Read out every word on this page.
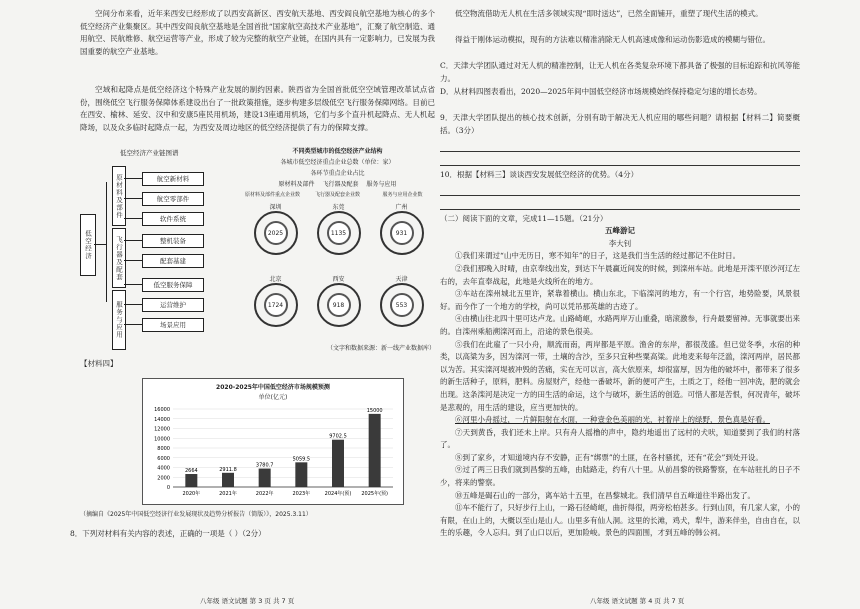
空间分布来看，近年来西安已经形成了以西安高新区、西安航天基地、西安阎良航空基地为核心的多个低空经济产业集聚区。其中西安阎良航空基地是全国首批“国家航空高技术产业基地”，汇聚了航空制造、通用航空、民航维修、航空运营等产业，形成了较为完整的航空产业链，在国内具有一定影响力，已发展为我国重要的航空产业基地。

空域和起降点是低空经济这个特殊产业发展的制约因素。陕西省为全国首批低空空域管理改革试点省份，围绕低空飞行服务保障体系建设出台了一批政策措施，逐步构建多层级低空飞行服务保障网络。目前已在西安、榆林、延安、汉中和安康5座民用机场，建设13座通用机场，它们与多个直升机起降点、无人机起降场，以及众多临时起降点一起，为西安及周边地区的低空经济提供了有力的保障支撑。

低空经济产业链图谱
低空经济
原材料及部件
飞行器及配套
服务与应用
航空新材料
航空零部件
软件系统
整机装备
配套基建
低空服务保障
运营维护
场景应用
不同类型城市的低空经济产业结构
各城市低空经济重点企业总数（单位：家）
各环节重点企业占比
原材料及部件 飞行器及配套 服务与应用
原材料及部件重点企业数	飞行器及配套企业数	服务与应用企业数
深圳
2025
东莞
1135
广州
931
北京
1724
西安
918
天津
553
（文字和数据来源：新一线产业数据库）
【材料四】
2020-2025年中国低空经济市场规模预测
单位(亿元)
0
2000
4000
6000
8000
10000
12000
14000
16000
2664
2020年
2911.8
2021年
3780.7
2022年
5059.5
2023年
9702.5
2024年(预)
15000
2025年(预)
（摘编自《2025年中国低空经济行业发展现状及趋势分析报告（简版）》，2025.3.11）
8．下列对材料有关内容的表述，正确的一项是（ ）（2分）
八年级 语文试题 第 3 页 共 7 页

低空物流借助无人机在生活多领域实现“即时送达”，已然全面铺开，重塑了现代生活的模式。

得益于刚体运动模拟，现有的方法难以精准消除无人机高速成像和运动伤影造成的模糊与错位。

C．天津大学团队通过对无人机的精准控制，让无人机在各类复杂环境下都具备了极强的目标追踪和抗风等能力。

D．从材料四图表看出，2020—2025年间中国低空经济市场规模始终保持稳定匀速的增长态势。

9．天津大学团队提出的核心技术创新，分别有助于解决无人机应用的哪些问题？请根据【材料二】简要概括。（3分）

10．根据【材料三】谈谈西安发展低空经济的优势。（4分）

（二）阅读下面的文章，完成11—15题。（21分）

五峰游记

李大钊

①我们来谓过“山中无历日，寒不知年”的日子，这是我们当生活的经过都记不住时日。

②我们那晚入时晴，由京奉线出发，到达下午晨赢近间发的时候，到滦州车站。此地是开滦平原沙河辽左右的，去年直奉战起，此地是火线所在的地方。

③车站在滦州城北五里许，紧靠着横山。横山东北，下临滦河的地方，有一个行宫，地势险要，风景很好。而今作了一个地方的学校，尚可以凭吊那英雄的古迹了。

④由横山往北四十里可达卢龙。山路崎岖，水路两岸万山重叠，暗滚激参，行舟最要留神。无事就要出来的。自滦州乘船溯滦河而上，沿途的景色很美。

⑤我们在此雇了一只小舟，顺流而南，两岸都是平原。渔舍的东岸，都很茂盛。但已觉冬季，水宿的种类，以高粱为多，因为滦河一带，土壤的含沙，至多只宜种些粟高粱。此地麦来每年泛滥，滦河两岸，居民都以为苦。其实滦河堤被冲毁的苦痛，实在无可以言，高大依原来，却很富厚，因为他的破坏中，都带来了很多的新生活种子，原料，肥料。房屋财产，经他一番破坏，新的便可产生，土质之丁，经他一回冲洗，肥的就会出现。这条滦河是决定一方的田生活的命运，这个与破坏，新生活的创造。可惜人都是苦恨，何况青年，破坏是悲观的，用生活的建设，应当更加快的。

⑥河里小舟摇过，一片鲜阳射在水面，一种壹金色美丽的光，衬着岸上的绿野，景色真是好看。

⑦天到黄昏，我们还未上岸。只有舟人摇橹的声中，隐约地遥出了远村的犬吠，知道要到了我们的村落了。

⑧到了家乡，才知道境内存不安静，正有“绑票”的土匪，在各村骚扰，还有“花会”到处开设。

⑨过了两三日我们就到昌黎的五峰，由陆路走，约有八十里。从前昌黎的铁路警察，在车站驻扎的日子不少，将来的警察。

⑩五峰是碣石山的一部分，离车站十五里，在昌黎城北。我们清早自五峰道往半路出发了。

⑪车不能行了，只好步行上山，一路石径崎岖，曲折得很，两旁松柏甚多。行到山顶，有几家人家，小的有限，在山上的，大概以至山是山人。山里多有仙人洞。这里的长滩，鸡犬，犁牛，游来伴坐，自由自在，以生的乐趣，令人忘归。到了山口以后，更加险峻。景色的四面围，才到五峰的韩公祠。

八年级 语文试题 第 4 页 共 7 页
